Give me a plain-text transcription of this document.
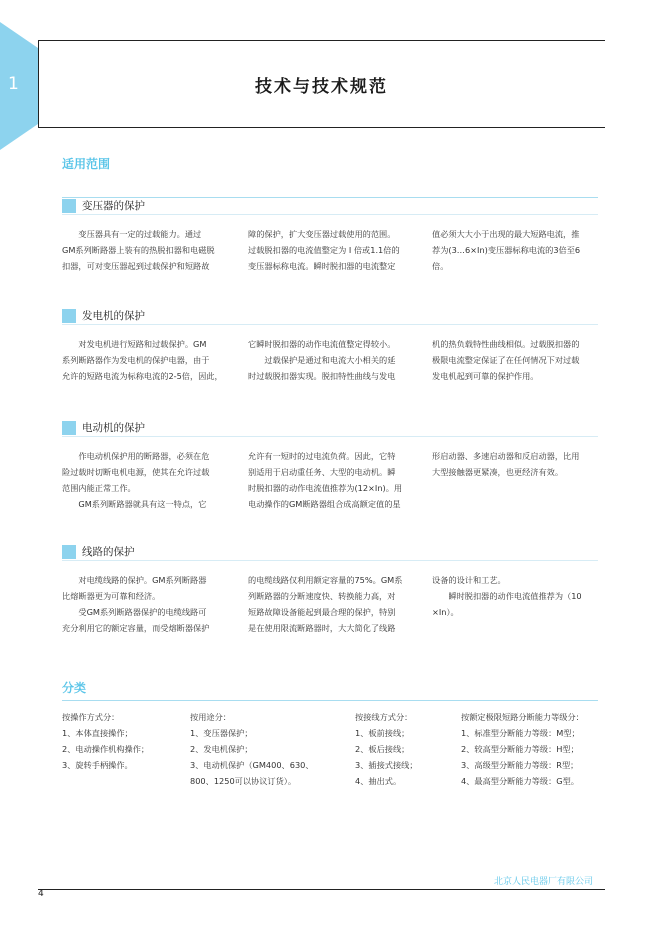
1	技术与技术规范
适用范围
变压器的保护
　　变压器具有一定的过载能力。通过
GM系列断路器上装有的热脱扣器和电磁脱
扣器，可对变压器起到过载保护和短路故
障的保护，扩大变压器过载使用的范围。
过载脱扣器的电流值整定为 I 倍或1.1倍的
变压器标称电流。瞬时脱扣器的电流整定
值必须大大小于出现的最大短路电流，推
荐为(3…6×In)变压器标称电流的3倍至6
倍。
发电机的保护
　　对发电机进行短路和过载保护。GM
系列断路器作为发电机的保护电器，由于
允许的短路电流为标称电流的2-5倍，因此，
它瞬时脱扣器的动作电流值整定得较小。
　　过载保护是通过和电流大小相关的延
时过载脱扣器实现。脱扣特性曲线与发电
机的热负载特性曲线相似。过载脱扣器的
极限电流整定保证了在任何情况下对过载
发电机起到可靠的保护作用。
电动机的保护
　　作电动机保护用的断路器，必须在危
险过载时切断电机电源，使其在允许过载
范围内能正常工作。
　　GM系列断路器就具有这一特点，它
允许有一短时的过电流负荷。因此，它特
别适用于启动重任务、大型的电动机。瞬
时脱扣器的动作电流值推荐为(12×In)。用
电动操作的GM断路器组合成高额定值的星
形启动器、多速启动器和反启动器，比用
大型接触器更紧凑，也更经济有效。
线路的保护
　　对电缆线路的保护。GM系列断路器
比熔断器更为可靠和经济。
　　受GM系列断路器保护的电缆线路可
充分利用它的额定容量，而受熔断器保护
的电缆线路仅利用额定容量的75%。GM系
列断路器的分断速度快、转换能力高，对
短路故障设备能起到最合理的保护，特别
是在使用限流断路器时，大大简化了线路
设备的设计和工艺。
　　瞬时脱扣器的动作电流值推荐为（10
×In）。
分类
按操作方式分：
1、本体直接操作；
2、电动操作机构操作；
3、旋转手柄操作。
按用途分：
1、变压器保护；
2、发电机保护；
3、电动机保护（GM400、630、
800、1250可以协议订货）。
按接线方式分：
1、板前接线；
2、板后接线；
3、插接式接线；
4、抽出式。
按额定极限短路分断能力等级分：
1、标准型分断能力等级：M型；
2、较高型分断能力等级：H型；
3、高级型分断能力等级：R型；
4、最高型分断能力等级：G型。
北京人民电器厂有限公司
4
